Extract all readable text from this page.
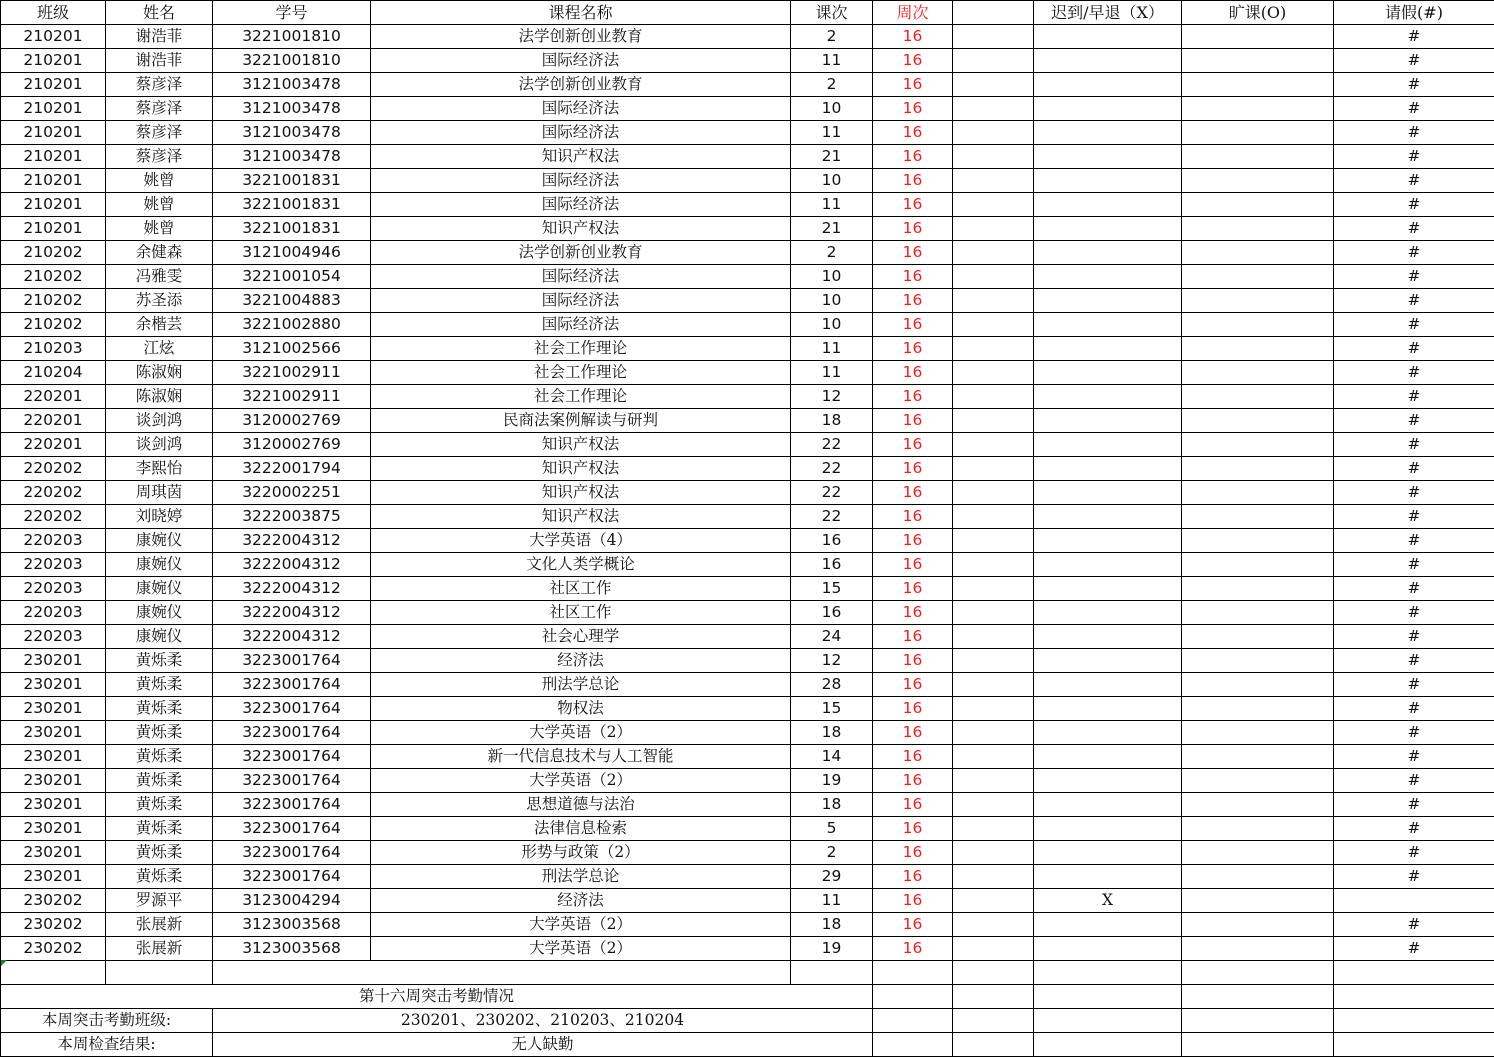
班级	姓名	学号	课程名称	课次	周次		迟到/早退（X）	旷课(O)	请假(#)
210201	谢浩菲	3221001810	法学创新创业教育	2	16				#
210201	谢浩菲	3221001810	国际经济法	11	16				#
210201	蔡彦泽	3121003478	法学创新创业教育	2	16				#
210201	蔡彦泽	3121003478	国际经济法	10	16				#
210201	蔡彦泽	3121003478	国际经济法	11	16				#
210201	蔡彦泽	3121003478	知识产权法	21	16				#
210201	姚曾	3221001831	国际经济法	10	16				#
210201	姚曾	3221001831	国际经济法	11	16				#
210201	姚曾	3221001831	知识产权法	21	16				#
210202	余健森	3121004946	法学创新创业教育	2	16				#
210202	冯雅雯	3221001054	国际经济法	10	16				#
210202	苏圣添	3221004883	国际经济法	10	16				#
210202	余楷芸	3221002880	国际经济法	10	16				#
210203	江炫	3121002566	社会工作理论	11	16				#
210204	陈淑娴	3221002911	社会工作理论	11	16				#
220201	陈淑娴	3221002911	社会工作理论	12	16				#
220201	谈剑鸿	3120002769	民商法案例解读与研判	18	16				#
220201	谈剑鸿	3120002769	知识产权法	22	16				#
220202	李熙怡	3222001794	知识产权法	22	16				#
220202	周琪茵	3220002251	知识产权法	22	16				#
220202	刘晓婷	3222003875	知识产权法	22	16				#
220203	康婉仪	3222004312	大学英语（4）	16	16				#
220203	康婉仪	3222004312	文化人类学概论	16	16				#
220203	康婉仪	3222004312	社区工作	15	16				#
220203	康婉仪	3222004312	社区工作	16	16				#
220203	康婉仪	3222004312	社会心理学	24	16				#
230201	黄烁柔	3223001764	经济法	12	16				#
230201	黄烁柔	3223001764	刑法学总论	28	16				#
230201	黄烁柔	3223001764	物权法	15	16				#
230201	黄烁柔	3223001764	大学英语（2）	18	16				#
230201	黄烁柔	3223001764	新一代信息技术与人工智能	14	16				#
230201	黄烁柔	3223001764	大学英语（2）	19	16				#
230201	黄烁柔	3223001764	思想道德与法治	18	16				#
230201	黄烁柔	3223001764	法律信息检索	5	16				#
230201	黄烁柔	3223001764	形势与政策（2）	2	16				#
230201	黄烁柔	3223001764	刑法学总论	29	16				#
230202	罗源平	3123004294	经济法	11	16		X		
230202	张展新	3123003568	大学英语（2）	18	16				#
230202	张展新	3123003568	大学英语（2）	19	16				#

第十六周突击考勤情况									
本周突击考勤班级:		230201、230202、210203、210204							
本周检查结果:		无人缺勤							
